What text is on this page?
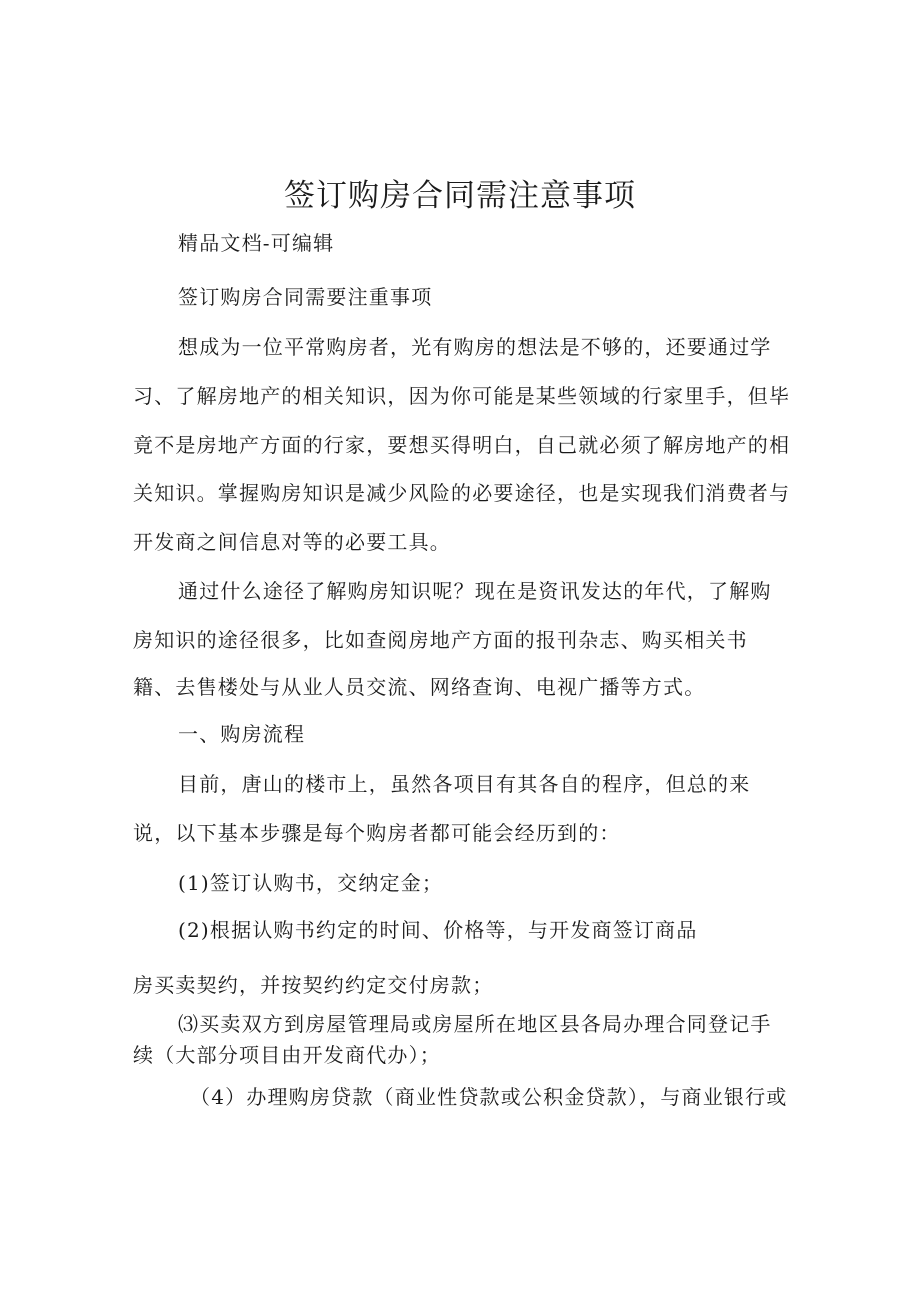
签订购房合同需注意事项
精品文档-可编辑
签订购房合同需要注重事项
想成为一位平常购房者，光有购房的想法是不够的，还要通过学
习、了解房地产的相关知识，因为你可能是某些领域的行家里手，但毕
竟不是房地产方面的行家，要想买得明白，自己就必须了解房地产的相
关知识。掌握购房知识是减少风险的必要途径，也是实现我们消费者与
开发商之间信息对等的必要工具。
通过什么途径了解购房知识呢？现在是资讯发达的年代，了解购
房知识的途径很多，比如查阅房地产方面的报刊杂志、购买相关书
籍、去售楼处与从业人员交流、网络查询、电视广播等方式。
一、购房流程
目前，唐山的楼市上，虽然各项目有其各自的程序，但总的来
说，以下基本步骤是每个购房者都可能会经历到的：
(1)签订认购书，交纳定金；
(2)根据认购书约定的时间、价格等，与开发商签订商品
房买卖契约，并按契约约定交付房款；
⑶买卖双方到房屋管理局或房屋所在地区县各局办理合同登记手
续（大部分项目由开发商代办）；
（4）办理购房贷款（商业性贷款或公积金贷款），与商业银行或
